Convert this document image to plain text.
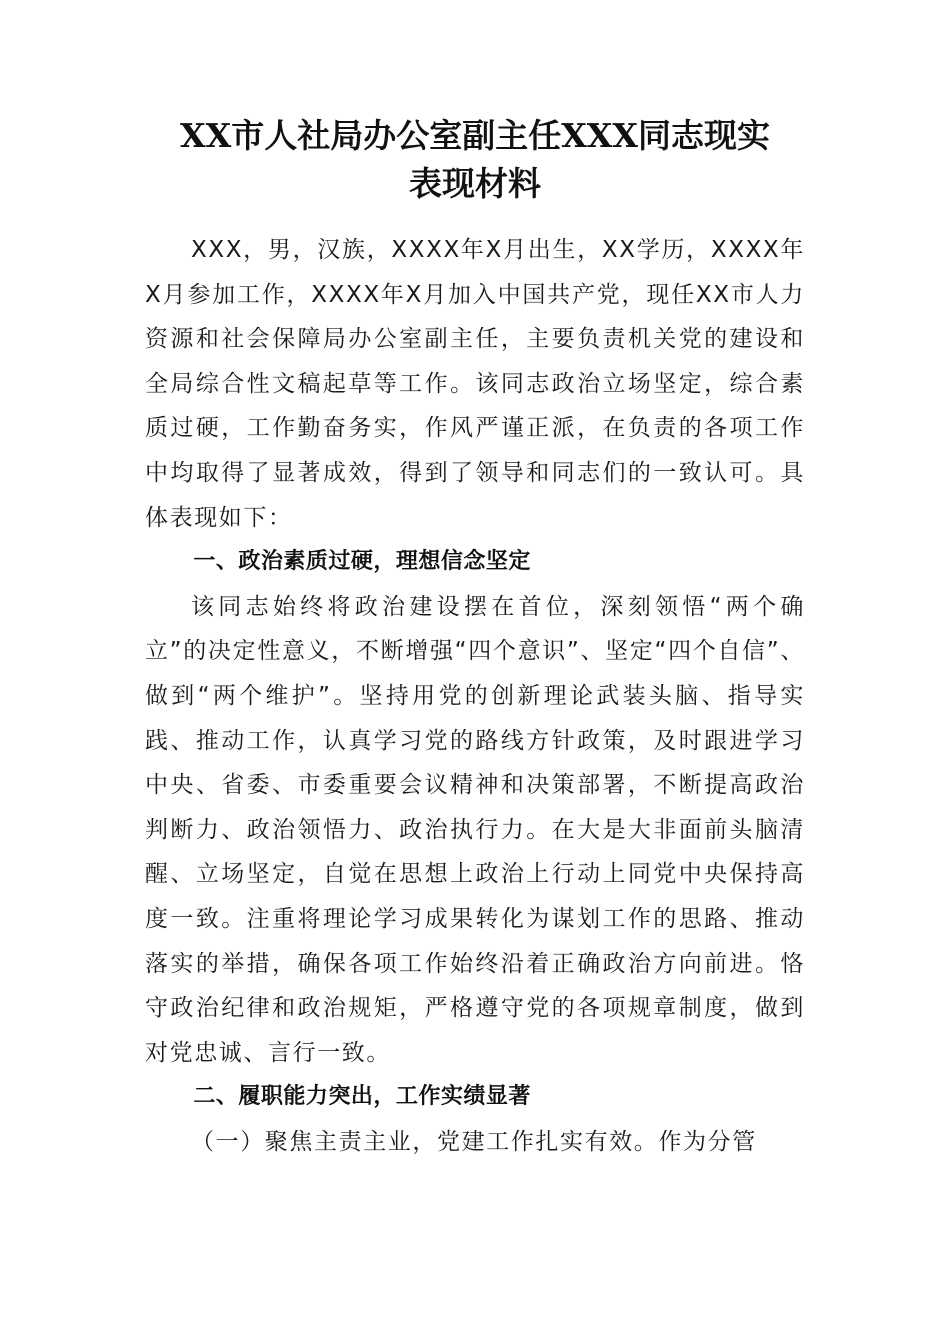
XX市人社局办公室副主任XXX同志现实
表现材料

XXX，男，汉族，XXXX年X月出生，XX学历，XXXX年X月参加工作，XXXX年X月加入中国共产党，现任XX市人力资源和社会保障局办公室副主任，主要负责机关党的建设和全局综合性文稿起草等工作。该同志政治立场坚定，综合素质过硬，工作勤奋务实，作风严谨正派，在负责的各项工作中均取得了显著成效，得到了领导和同志们的一致认可。具体表现如下：

一、政治素质过硬，理想信念坚定

该同志始终将政治建设摆在首位，深刻领悟“两个确立”的决定性意义，不断增强“四个意识”、坚定“四个自信”、做到“两个维护”。坚持用党的创新理论武装头脑、指导实践、推动工作，认真学习党的路线方针政策，及时跟进学习中央、省委、市委重要会议精神和决策部署，不断提高政治判断力、政治领悟力、政治执行力。在大是大非面前头脑清醒、立场坚定，自觉在思想上政治上行动上同党中央保持高度一致。注重将理论学习成果转化为谋划工作的思路、推动落实的举措，确保各项工作始终沿着正确政治方向前进。恪守政治纪律和政治规矩，严格遵守党的各项规章制度，做到对党忠诚、言行一致。

二、履职能力突出，工作实绩显著

（一）聚焦主责主业，党建工作扎实有效。作为分管
